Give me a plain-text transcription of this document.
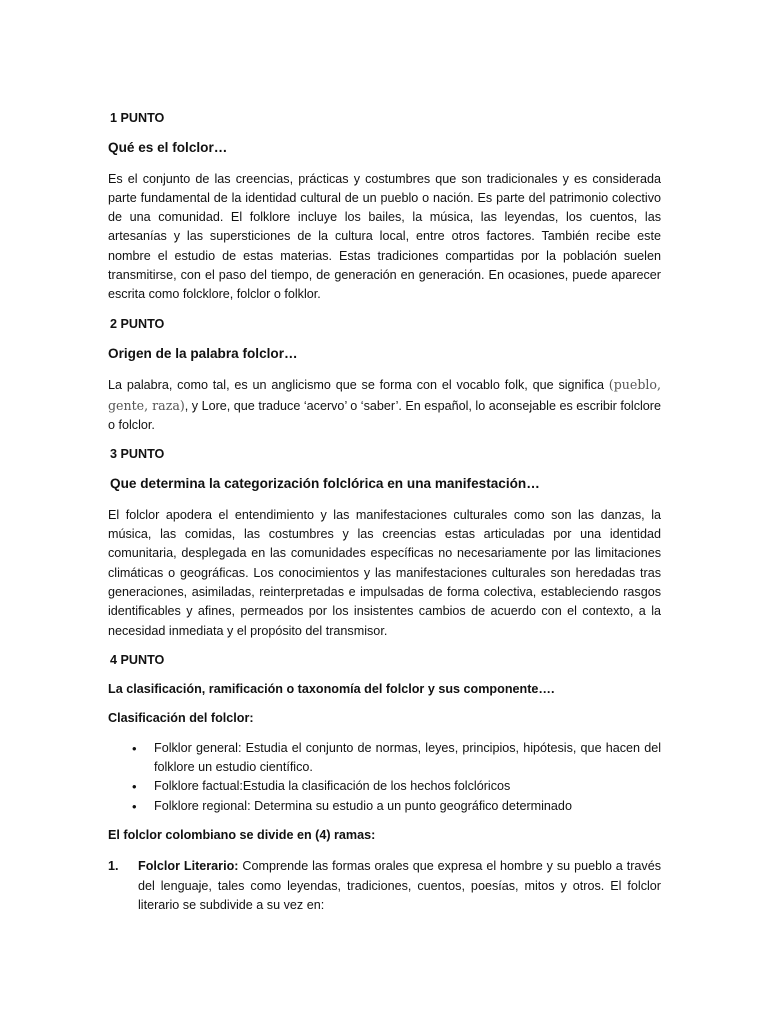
1 PUNTO
Qué es el folclor…
Es el conjunto de las creencias, prácticas y costumbres que son tradicionales y es considerada parte fundamental de la identidad cultural de un pueblo o nación. Es parte del patrimonio colectivo de una comunidad. El folklore incluye los bailes, la música, las leyendas, los cuentos, las artesanías y las supersticiones de la cultura local, entre otros factores. También recibe este nombre el estudio de estas materias. Estas tradiciones compartidas por la población suelen transmitirse, con el paso del tiempo, de generación en generación. En ocasiones, puede aparecer escrita como folcklore, folclor o folklor.
2 PUNTO
Origen de la palabra folclor…
La palabra, como tal, es un anglicismo que se forma con el vocablo folk, que significa (pueblo, gente, raza), y Lore, que traduce ‘acervo’ o ‘saber’. En español, lo aconsejable es escribir folclore o folclor.
3 PUNTO
Que determina la categorización folclórica en una manifestación…
El folclor apodera el entendimiento y las manifestaciones culturales como son las danzas, la música, las comidas, las costumbres y las creencias estas articuladas por una identidad comunitaria, desplegada en las comunidades específicas no necesariamente por las limitaciones climáticas o geográficas. Los conocimientos y las manifestaciones culturales son heredadas tras generaciones, asimiladas, reinterpretadas e impulsadas de forma colectiva, estableciendo rasgos identificables y afines, permeados por los insistentes cambios de acuerdo con el contexto, a la necesidad inmediata y el propósito del transmisor.
4 PUNTO
La clasificación, ramificación o taxonomía del folclor y sus componente….
Clasificación del folclor:
• Folklor general: Estudia el conjunto de normas, leyes, principios, hipótesis, que hacen del folklore un estudio científico.
• Folklore factual:Estudia la clasificación de los hechos folclóricos
• Folklore regional: Determina su estudio a un punto geográfico determinado
El folclor colombiano se divide en (4) ramas:
1. Folclor Literario: Comprende las formas orales que expresa el hombre y su pueblo a través del lenguaje, tales como leyendas, tradiciones, cuentos, poesías, mitos y otros. El folclor literario se subdivide a su vez en:
